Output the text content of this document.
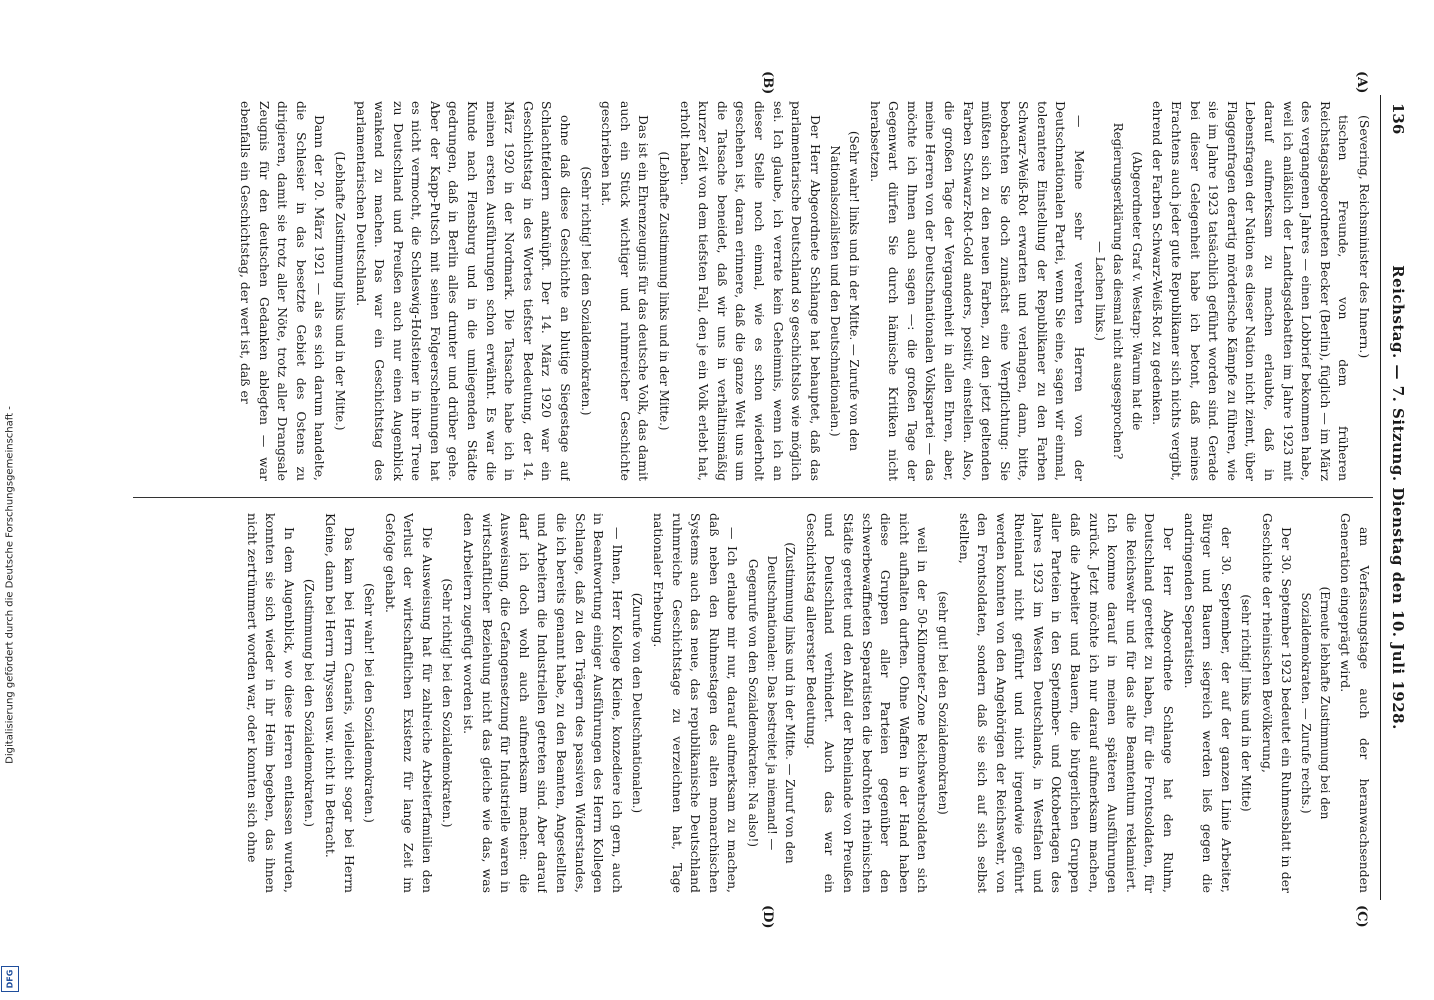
Digitalisierung gefördert durch die Deutsche Forschungsgemeinschaft -
DFG
136
Reichstag. — 7. Sitzung. Dienstag den 10. Juli 1928.
(A)
(B)
(C)
(D)

(Severing, Reichsminister des Innern.)

tischen Freunde, von dem früheren Reichstagsabgeordneten Becker (Berlin), füglich — im März des vergangenen Jahres — einen Lobbrief bekommen habe, weil ich anläßlich der Landtagsdebatten im Jahre 1923 mit darauf aufmerksam zu machen erlaubte, daß in Lebensfragen der Nation es dieser Nation nicht ziemt, über Flaggenfragen derartig mörderische Kämpfe zu führen, wie sie im Jahre 1923 tatsächlich geführt worden sind. Gerade bei dieser Gelegenheit habe ich betont, daß meines Erachtens auch jeder gute Republikaner sich nichts vergibt, ehrend der Farben Schwarz-Weiß-Rot zu gedenken.

(Abgeordneter Graf v. Westarp: Warum hat die Regierungserklärung das diesmal nicht ausgesprochen? — Lachen links.)

— Meine sehr verehrten Herren von der Deutschnationalen Partei, wenn Sie eine, sagen wir einmal, tolerantere Einstellung der Republikaner zu den Farben Schwarz-Weiß-Rot erwarten und verlangen, dann, bitte, beobachten Sie doch zunächst eine Verpflichtung: Sie müßten sich zu den neuen Farben, zu den jetzt geltenden Farben Schwarz-Rot-Gold anders, positiv, einstellen. Also, die großen Tage der Vergangenheit in allen Ehren, aber, meine Herren von der Deutschnationalen Volkspartei — das möchte ich Ihnen auch sagen —: die großen Tage der Gegenwart dürfen Sie durch hämische Kritiken nicht herabsetzen.

(Sehr wahr! links und in der Mitte. — Zurufe von den Nationalsozialisten und den Deutschnationalen.)

Der Herr Abgeordnete Schlange hat behauptet, daß das parlamentarische Deutschland so geschichtslos wie möglich sei. Ich glaube, ich verrate kein Geheimnis, wenn ich an dieser Stelle noch einmal, wie es schon wiederholt geschehen ist, daran erinnere, daß die ganze Welt uns um die Tatsache beneidet, daß wir uns in verhältnismäßig kurzer Zeit von dem tiefsten Fall, den je ein Volk erlebt hat, erholt haben.

(Lebhafte Zustimmung links und in der Mitte.)

Das ist ein Ehrenzeugnis für das deutsche Volk, das damit auch ein Stück wichtiger und ruhmreicher Geschichte geschrieben hat.

(Sehr richtig! bei den Sozialdemokraten.)

ohne daß diese Geschichte an blutige Siegestage auf Schlachtfeldern anknüpft. Der 14. März 1920 war ein Geschichtstag in des Wortes tiefster Bedeutung, der 14. März 1920 in der Nordmark. Die Tatsache habe ich in meinen ersten Ausführungen schon erwähnt. Es war die Kunde nach Flensburg und in die umliegenden Städte gedrungen, daß in Berlin alles drunter und drüber gehe. Aber der Kapp-Putsch mit seinen Folgeerscheinungen hat es nicht vermocht, die Schleswig-Holsteiner in ihrer Treue zu Deutschland und Preußen auch nur einen Augenblick wankend zu machen. Das war ein Geschichtstag des parlamentarischen Deutschland.

(Lebhafte Zustimmung links und in der Mitte.)

Dann der 20. März 1921 — als es sich darum handelte, die Schlesier in das besetzte Gebiet des Ostens zu dirigieren, damit sie trotz aller Nöte, trotz aller Drangsale Zeugnis für den deutschen Gedanken ablegten — war ebenfalls ein Geschichtstag, der wert ist, daß er

am Verfassungstage auch der heranwachsenden Generation eingeprägt wird.

(Erneute lebhafte Zustimmung bei den Sozialdemokraten. — Zurufe rechts.)

Der 30. September 1923 bedeutet ein Ruhmesblatt in der Geschichte der rheinischen Bevölkerung,

(sehr richtig! links und in der Mitte)

der 30. September, der auf der ganzen Linie Arbeiter, Bürger und Bauern siegreich werden ließ gegen die andringenden Separatisten.

Der Herr Abgeordnete Schlange hat den Ruhm, Deutschland gerettet zu haben, für die Frontsoldaten, für die Reichswehr und für das alte Beamtentum reklamiert. Ich komme darauf in meinen späteren Ausführungen zurück. Jetzt möchte ich nur darauf aufmerksam machen, daß die Arbeiter und Bauern, die bürgerlichen Gruppen aller Parteien in den September- und Oktobertagen des Jahres 1923 im Westen Deutschlands, in Westfalen und Rheinland nicht geführt und nicht irgendwie geführt werden konnten von den Angehörigen der Reichswehr, von den Frontsoldaten, sondern daß sie sich auf sich selbst stellten,

(sehr gut! bei den Sozialdemokraten)

weil in der 50-Kilometer-Zone Reichswehrsoldaten sich nicht aufhalten durften. Ohne Waffen in der Hand haben diese Gruppen aller Parteien gegenüber den schwerbewaffneten Separatisten die bedrohten rheinischen Städte gerettet und den Abfall der Rheinlande von Preußen und Deutschland verhindert. Auch das war ein Geschichtstag allererster Bedeutung.

(Zustimmung links und in der Mitte. — Zuruf von den Deutschnationalen: Das bestreitet ja niemand! — Gegenrufe von den Sozialdemokraten: Na also!)

— Ich erlaube mir nur, darauf aufmerksam zu machen, daß neben den Ruhmestagen des alten monarchischen Systems auch das neue, das republikanische Deutschland ruhmreiche Geschichtstage zu verzeichnen hat, Tage nationaler Erhebung.

(Zurufe von den Deutschnationalen.)

— Ihnen, Herr Kollege Kleine, konzediere ich gern, auch in Beantwortung einiger Ausführungen des Herrn Kollegen Schlange, daß zu den Trägern des passiven Widerstandes, die ich bereits genannt habe, zu den Beamten, Angestellten und Arbeitern die Industriellen getreten sind. Aber darauf darf ich doch wohl auch aufmerksam machen: die Ausweisung, die Gefangensetzung für Industrielle waren in wirtschaftlicher Beziehung nicht das gleiche wie das, was den Arbeitern zugefügt worden ist.

(Sehr richtig! bei den Sozialdemokraten.)

Die Ausweisung hat für zahlreiche Arbeiterfamilien den Verlust der wirtschaftlichen Existenz für lange Zeit im Gefolge gehabt.

(Sehr wahr! bei den Sozialdemokraten.)

Das kam bei Herrn Canaris, vielleicht sogar bei Herrn Kleine, dann bei Herrn Thyssen usw. nicht in Betracht.

(Zustimmung bei den Sozialdemokraten.)

In dem Augenblick, wo diese Herren entlassen wurden, konnten sie sich wieder in ihr Heim begeben, das ihnen nicht zertrümmert worden war, oder konnten sich ohne
